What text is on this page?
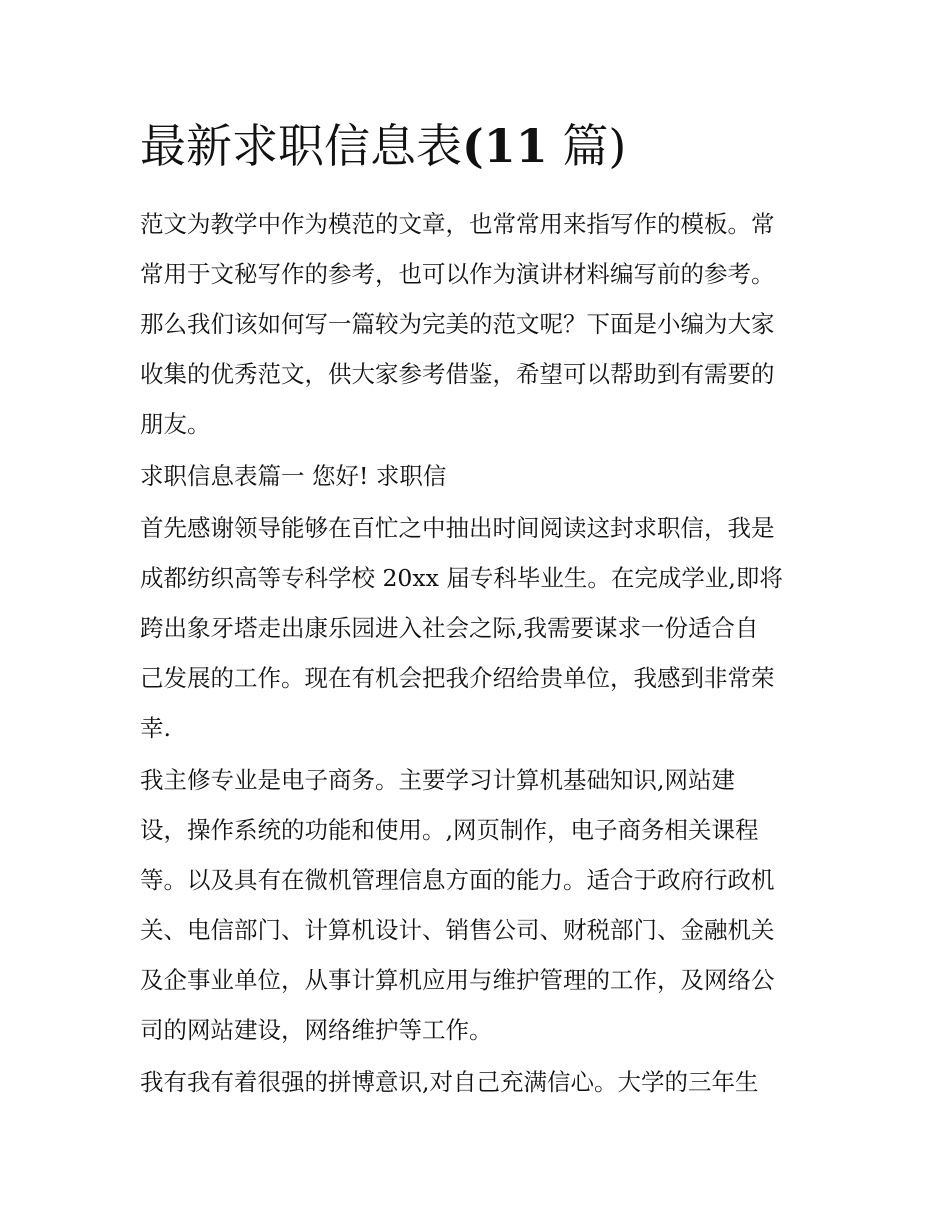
最新求职信息表(11 篇)
范文为教学中作为模范的文章，也常常用来指写作的模板。常
常用于文秘写作的参考，也可以作为演讲材料编写前的参考。
那么我们该如何写一篇较为完美的范文呢？下面是小编为大家
收集的优秀范文，供大家参考借鉴，希望可以帮助到有需要的
朋友。
求职信息表篇一 您好! 求职信
首先感谢领导能够在百忙之中抽出时间阅读这封求职信，我是
成都纺织高等专科学校 20xx 届专科毕业生。在完成学业,即将
跨出象牙塔走出康乐园进入社会之际,我需要谋求一份适合自
己发展的工作。现在有机会把我介绍给贵单位，我感到非常荣
幸.
我主修专业是电子商务。主要学习计算机基础知识,网站建
设，操作系统的功能和使用。,网页制作，电子商务相关课程
等。以及具有在微机管理信息方面的能力。适合于政府行政机
关、电信部门、计算机设计、销售公司、财税部门、金融机关
及企事业单位，从事计算机应用与维护管理的工作，及网络公
司的网站建设，网络维护等工作。
我有我有着很强的拼博意识,对自己充满信心。大学的三年生
